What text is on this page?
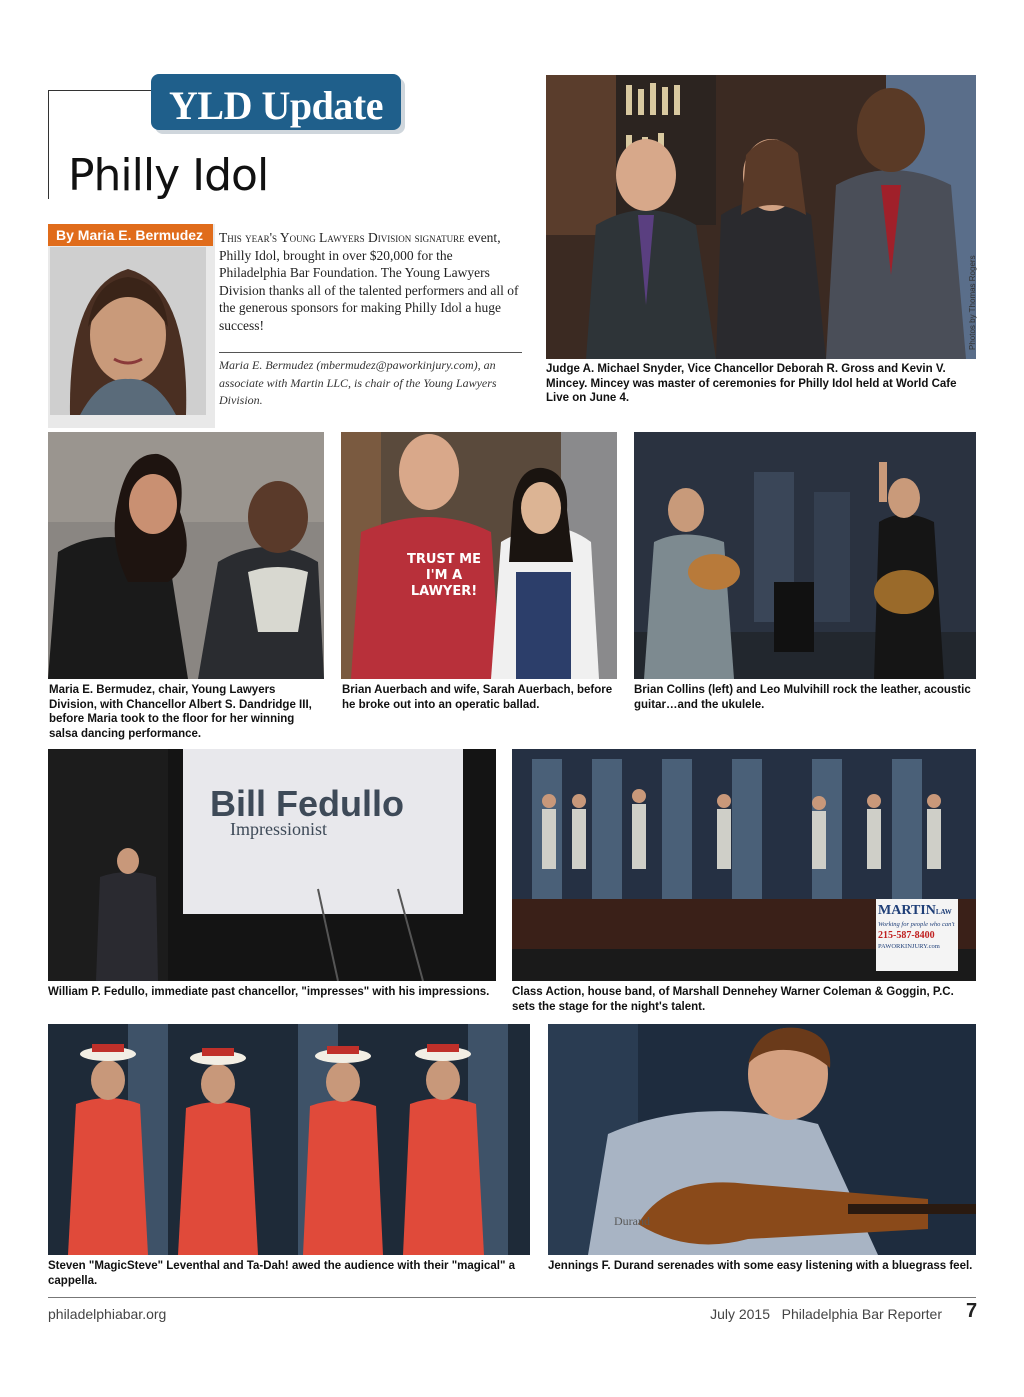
YLD Update
Philly Idol
By Maria E. Bermudez	This year's Young Lawyers Division signature event, Philly Idol, brought in over $20,000 for the Philadelphia Bar Foundation. The Young Lawyers Division thanks all of the talented performers and all of the generous sponsors for making Philly Idol a huge success!
Maria E. Bermudez (mbermudez@paworkinjury.com), an associate with Martin LLC, is chair of the Young Lawyers Division.
Photos by Thomas Rogers
Judge A. Michael Snyder, Vice Chancellor Deborah R. Gross and Kevin V. Mincey. Mincey was master of ceremonies for Philly Idol held at World Cafe Live on June 4.
Maria E. Bermudez, chair, Young Lawyers Division, with Chancellor Albert S. Dandridge III, before Maria took to the floor for her winning salsa dancing performance.
TRUST ME
I'M A
LAWYER!
Brian Auerbach and wife, Sarah Auerbach, before he broke out into an operatic ballad.
Brian Collins (left) and Leo Mulvihill rock the leather, acoustic guitar…and the ukulele.
Bill Fedullo
Impressionist
William P. Fedullo, immediate past chancellor, "impresses" with his impressions.
MARTINLAW
Working for people who can't
215-587-8400
PAWORKINJURY.com
Class Action, house band, of Marshall Dennehey Warner Coleman & Goggin, P.C. sets the stage for the night's talent.
Steven "MagicSteve" Leventhal and Ta-Dah! awed the audience with their "magical" a cappella.
Durand
Jennings F. Durand serenades with some easy listening with a bluegrass feel.
philadelphiabar.org	July 2015   Philadelphia Bar Reporter 7
